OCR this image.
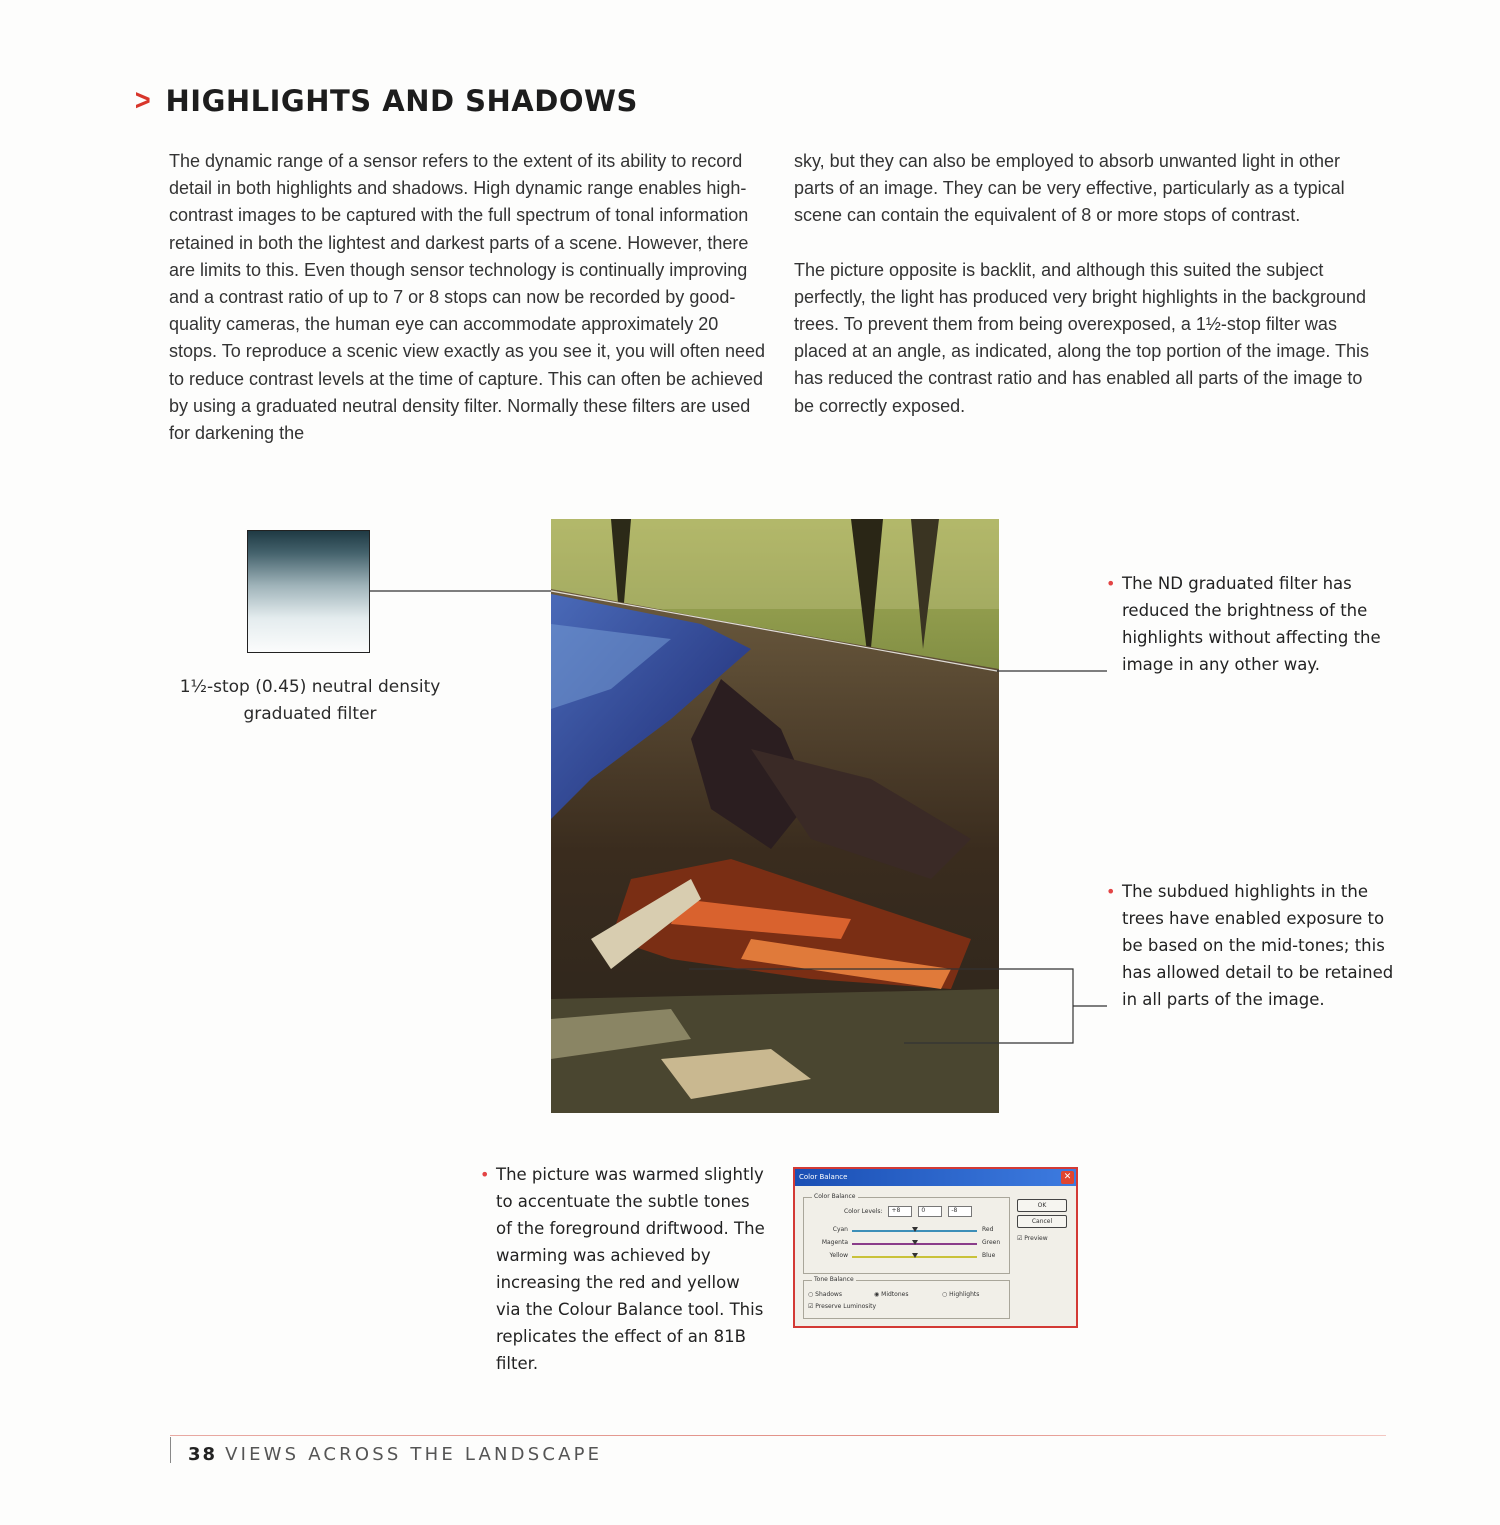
> HIGHLIGHTS AND SHADOWS

The dynamic range of a sensor refers to the extent of its ability to record detail in both highlights and shadows. High dynamic range enables high-contrast images to be captured with the full spectrum of tonal information retained in both the lightest and darkest parts of a scene. However, there are limits to this. Even though sensor technology is continually improving and a contrast ratio of up to 7 or 8 stops can now be recorded by good-quality cameras, the human eye can accommodate approximately 20 stops. To reproduce a scenic view exactly as you see it, you will often need to reduce contrast levels at the time of capture. This can often be achieved by using a graduated neutral density filter. Normally these filters are used for darkening the

sky, but they can also be employed to absorb unwanted light in other parts of an image. They can be very effective, particularly as a typical scene can contain the equivalent of 8 or more stops of contrast.

The picture opposite is backlit, and although this suited the subject perfectly, the light has produced very bright highlights in the background trees. To prevent them from being overexposed, a 1½-stop filter was placed at an angle, as indicated, along the top portion of the image. This has reduced the contrast ratio and has enabled all parts of the image to be correctly exposed.

1½-stop (0.45) neutral density graduated filter
• The ND graduated filter has reduced the brightness of the highlights without affecting the image in any other way.
• The subdued highlights in the trees have enabled exposure to be based on the mid-tones; this has allowed detail to be retained in all parts of the image.
• The picture was warmed slightly to accentuate the subtle tones of the foreground driftwood. The warming was achieved by increasing the red and yellow via the Colour Balance tool. This replicates the effect of an 81B filter.
Color Balance	✕
Color Balance
Color Levels: +8	0	-8
Cyan	Red
Magenta	Green
Yellow	Blue
Tone Balance
○ Shadows	◉ Midtones	○ Highlights
☑ Preserve Luminosity
OK
Cancel
☑ Preview
38 VIEWS ACROSS THE LANDSCAPE
